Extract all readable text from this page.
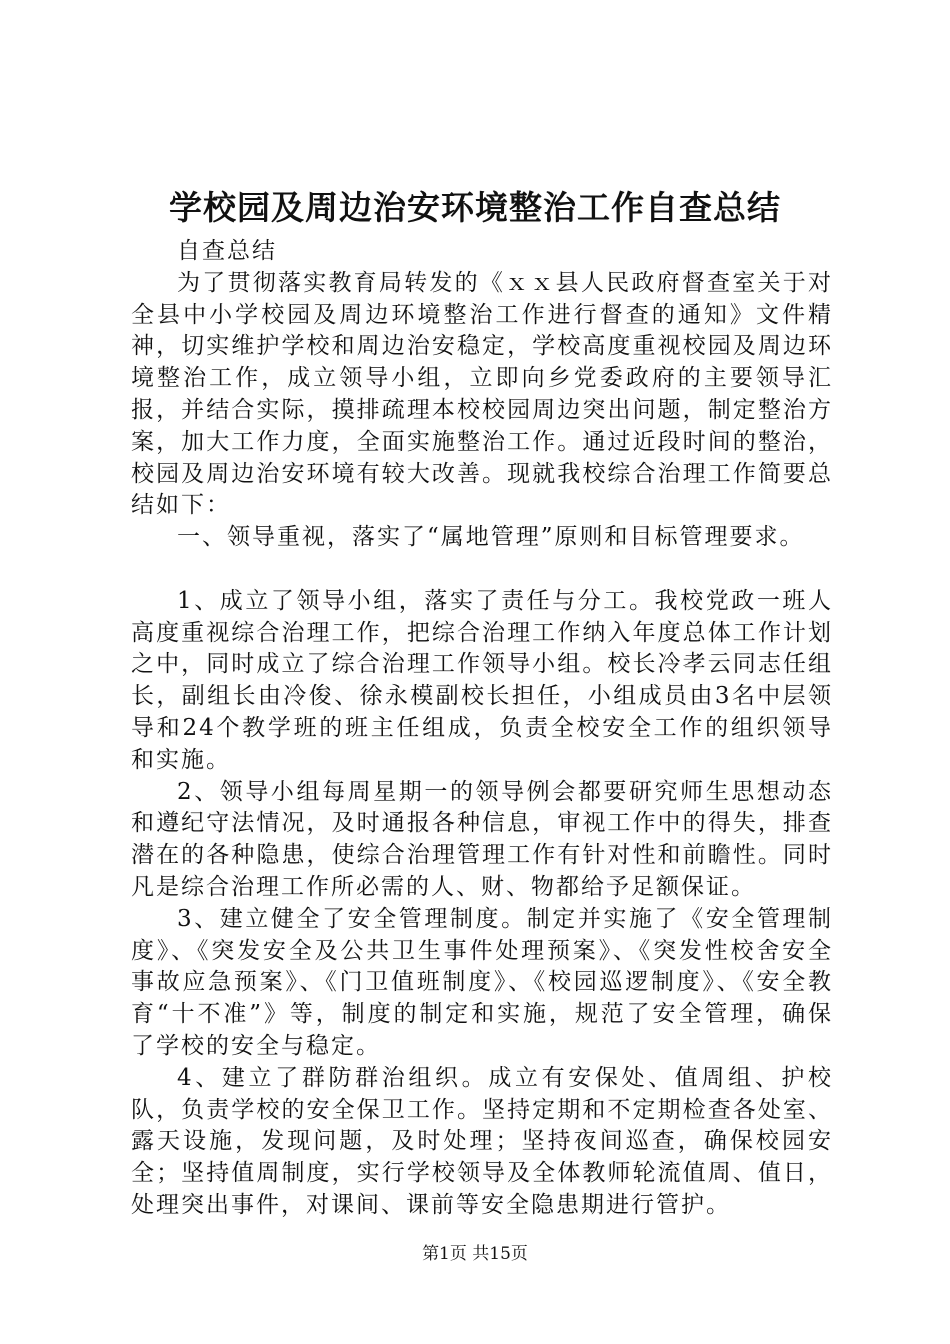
学校园及周边治安环境整治工作自查总结

自查总结

为了贯彻落实教育局转发的《ｘｘ县人民政府督查室关于对全县中小学校园及周边环境整治工作进行督查的通知》文件精神，切实维护学校和周边治安稳定，学校高度重视校园及周边环境整治工作，成立领导小组，立即向乡党委政府的主要领导汇报，并结合实际，摸排疏理本校校园周边突出问题，制定整治方案，加大工作力度，全面实施整治工作。通过近段时间的整治，校园及周边治安环境有较大改善。现就我校综合治理工作简要总结如下：

一、领导重视，落实了“属地管理”原则和目标管理要求。

1、成立了领导小组，落实了责任与分工。我校党政一班人高度重视综合治理工作，把综合治理工作纳入年度总体工作计划之中，同时成立了综合治理工作领导小组。校长冷孝云同志任组长，副组长由冷俊、徐永模副校长担任，小组成员由3名中层领导和24个教学班的班主任组成，负责全校安全工作的组织领导和实施。

2、领导小组每周星期一的领导例会都要研究师生思想动态和遵纪守法情况，及时通报各种信息，审视工作中的得失，排查潜在的各种隐患，使综合治理管理工作有针对性和前瞻性。同时凡是综合治理工作所必需的人、财、物都给予足额保证。

3、建立健全了安全管理制度。制定并实施了《安全管理制度》、《突发安全及公共卫生事件处理预案》、《突发性校舍安全事故应急预案》、《门卫值班制度》、《校园巡逻制度》、《安全教育“十不准”》等，制度的制定和实施，规范了安全管理，确保了学校的安全与稳定。

4、建立了群防群治组织。成立有安保处、值周组、护校队，负责学校的安全保卫工作。坚持定期和不定期检查各处室、露天设施，发现问题，及时处理；坚持夜间巡查，确保校园安全；坚持值周制度，实行学校领导及全体教师轮流值周、值日，处理突出事件，对课间、课前等安全隐患期进行管护。

第1页 共15页
